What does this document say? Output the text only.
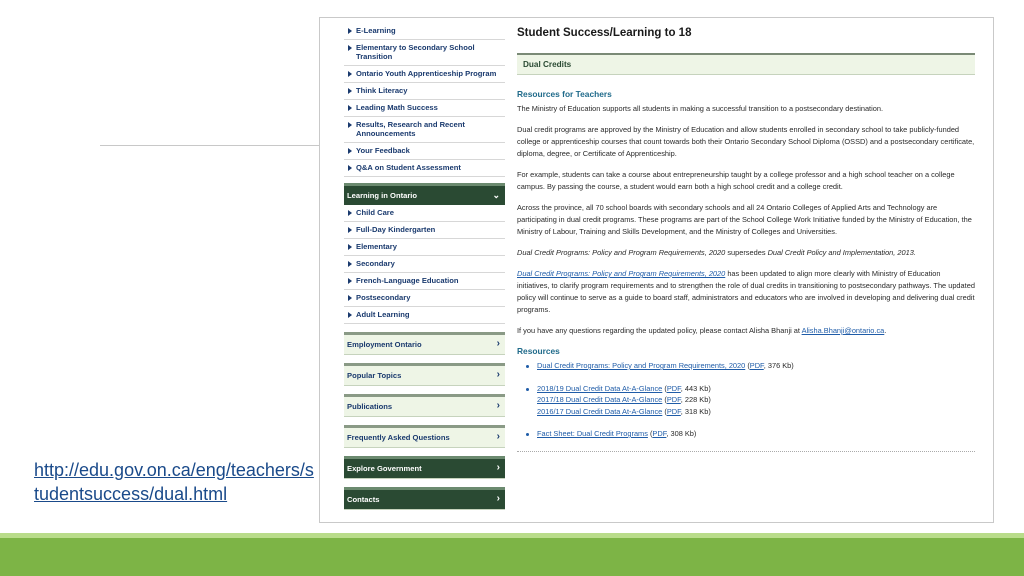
http://edu.gov.on.ca/eng/teachers/studentsuccess/dual.html
E-Learning
Elementary to Secondary School Transition
Ontario Youth Apprenticeship Program
Think Literacy
Leading Math Success
Results, Research and Recent Announcements
Your Feedback
Q&A on Student Assessment
Learning in Ontario	⌄
Child Care
Full-Day Kindergarten
Elementary
Secondary
French-Language Education
Postsecondary
Adult Learning
Employment Ontario	›
Popular Topics	›
Publications	›
Frequently Asked Questions	›
Explore Government	›
Contacts	›
Student Success/Learning to 18
Dual Credits
Resources for Teachers

The Ministry of Education supports all students in making a successful transition to a postsecondary destination.

Dual credit programs are approved by the Ministry of Education and allow students enrolled in secondary school to take publicly-funded college or apprenticeship courses that count towards both their Ontario Secondary School Diploma (OSSD) and a postsecondary certificate, diploma, degree, or Certificate of Apprenticeship.

For example, students can take a course about entrepreneurship taught by a college professor and a high school teacher on a college campus. By passing the course, a student would earn both a high school credit and a college credit.

Across the province, all 70 school boards with secondary schools and all 24 Ontario Colleges of Applied Arts and Technology are participating in dual credit programs. These programs are part of the School College Work Initiative funded by the Ministry of Education, the Ministry of Labour, Training and Skills Development, and the Ministry of Colleges and Universities.

Dual Credit Programs: Policy and Program Requirements, 2020 supersedes Dual Credit Policy and Implementation, 2013.

Dual Credit Programs: Policy and Program Requirements, 2020 has been updated to align more clearly with Ministry of Education initiatives, to clarify program requirements and to strengthen the role of dual credits in transitioning to postsecondary pathways. The updated policy will continue to serve as a guide to board staff, administrators and educators who are involved in developing and delivering dual credit programs.

If you have any questions regarding the updated policy, please contact Alisha Bhanji at Alisha.Bhanji@ontario.ca.

Resources
Dual Credit Programs: Policy and Program Requirements, 2020 (PDF, 376 Kb)
2018/19 Dual Credit Data At-A-Glance (PDF, 443 Kb)
2017/18 Dual Credit Data At-A-Glance (PDF, 228 Kb)
2016/17 Dual Credit Data At-A-Glance (PDF, 318 Kb)
Fact Sheet: Dual Credit Programs (PDF, 308 Kb)
